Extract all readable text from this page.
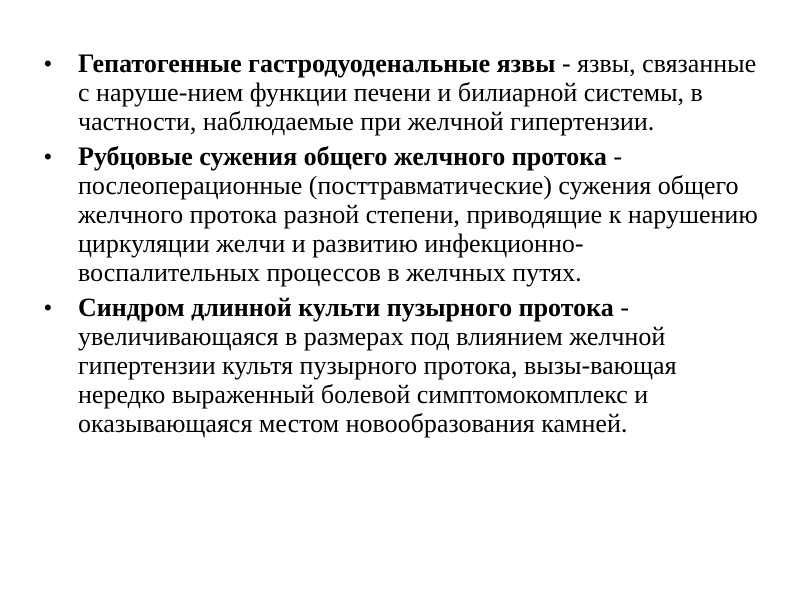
•	Гепатогенные гастродуоденальные язвы - язвы, связанные с наруше-нием функции печени и билиарной системы, в частности, наблюдаемые при желчной гипертензии.
•	Рубцовые сужения общего желчного протока - послеоперационные (посттравматические) сужения общего желчного протока разной степени, приводящие к нарушению циркуляции желчи и развитию инфекционно- воспалительных процессов в желчных путях.
•	Синдром длинной культи пузырного протока - увеличивающаяся в размерах под влиянием желчной гипертензии культя пузырного протока, вызы-вающая нередко выраженный болевой симптомокомплекс и оказывающаяся местом новообразования камней.
